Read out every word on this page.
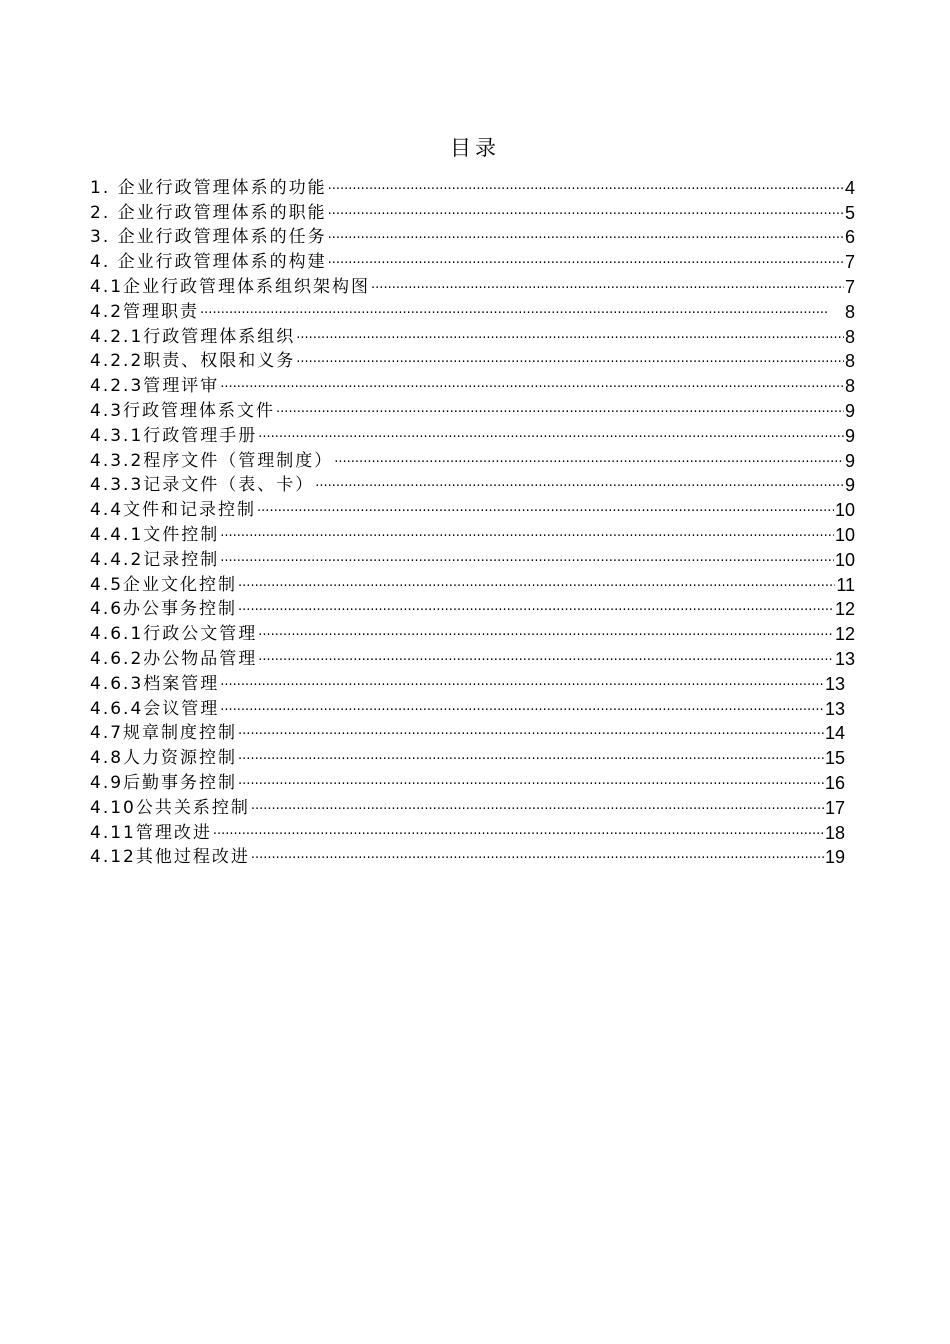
目录
1. 企业行政管理体系的功能 ·····	4
2. 企业行政管理体系的职能 ·····	5
3. 企业行政管理体系的任务 ·····	6
4. 企业行政管理体系的构建 ·····	7
4.1企业行政管理体系组织架构图 ·····	7
4.2管理职责 ·····	8
4.2.1行政管理体系组织 ·····	8
4.2.2职责、权限和义务 ·····	8
4.2.3管理评审 ·····	8
4.3行政管理体系文件 ·····	9
4.3.1行政管理手册 ·····	9
4.3.2程序文件（管理制度） ·····	9
4.3.3记录文件（表、卡） ·····	9
4.4文件和记录控制 ·····	10
4.4.1文件控制 ·····	10
4.4.2记录控制 ·····	10
4.5企业文化控制 ·····	11
4.6办公事务控制 ·····	12
4.6.1行政公文管理 ·····	12
4.6.2办公物品管理 ·····	13
4.6.3档案管理 ·····	13
4.6.4会议管理 ·····	13
4.7规章制度控制 ·····	14
4.8人力资源控制 ·····	15
4.9后勤事务控制 ·····	16
4.10公共关系控制 ·····	17
4.11管理改进 ·····	18
4.12其他过程改进 ·····	19
